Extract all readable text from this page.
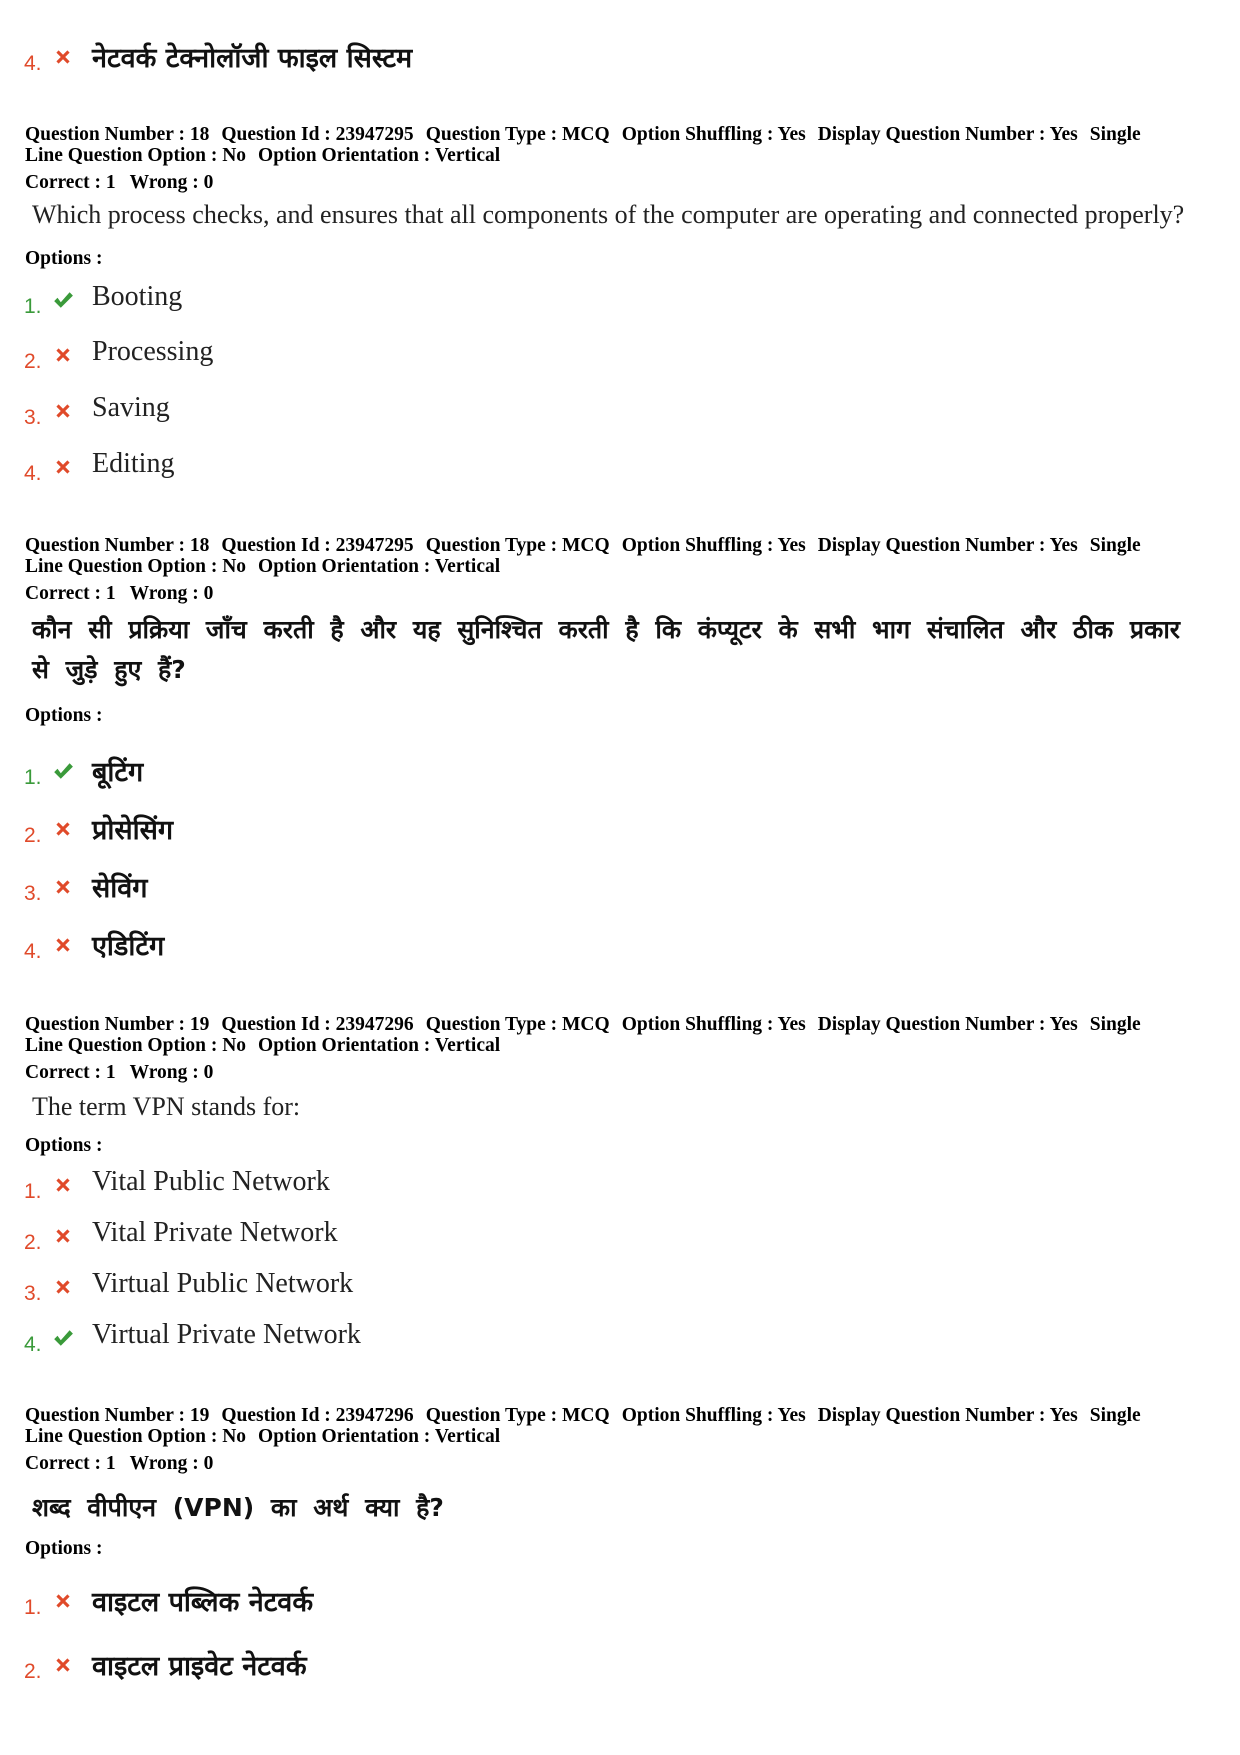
4. नेटवर्क टेक्नोलॉजी फाइल सिस्टम
Question Number : 18 Question Id : 23947295 Question Type : MCQ Option Shuffling : Yes Display Question Number : Yes Single
Line Question Option : No Option Orientation : Vertical
Correct : 1 Wrong : 0
Which process checks, and ensures that all components of the computer are operating and connected properly?
Options :
1. Booting
2. Processing
3. Saving
4. Editing
Question Number : 18 Question Id : 23947295 Question Type : MCQ Option Shuffling : Yes Display Question Number : Yes Single
Line Question Option : No Option Orientation : Vertical
Correct : 1 Wrong : 0
कौन सी प्रक्रिया जाँच करती है और यह सुनिश्चित करती है कि कंप्यूटर के सभी भाग संचालित और ठीक प्रकार से जुड़े हुए हैं?
Options :
1. बूटिंग
2. प्रोसेसिंग
3. सेविंग
4. एडिटिंग
Question Number : 19 Question Id : 23947296 Question Type : MCQ Option Shuffling : Yes Display Question Number : Yes Single
Line Question Option : No Option Orientation : Vertical
Correct : 1 Wrong : 0
The term VPN stands for:
Options :
1. Vital Public Network
2. Vital Private Network
3. Virtual Public Network
4. Virtual Private Network
Question Number : 19 Question Id : 23947296 Question Type : MCQ Option Shuffling : Yes Display Question Number : Yes Single
Line Question Option : No Option Orientation : Vertical
Correct : 1 Wrong : 0
शब्द वीपीएन (VPN) का अर्थ क्या है?
Options :
1. वाइटल पब्लिक नेटवर्क
2. वाइटल प्राइवेट नेटवर्क
